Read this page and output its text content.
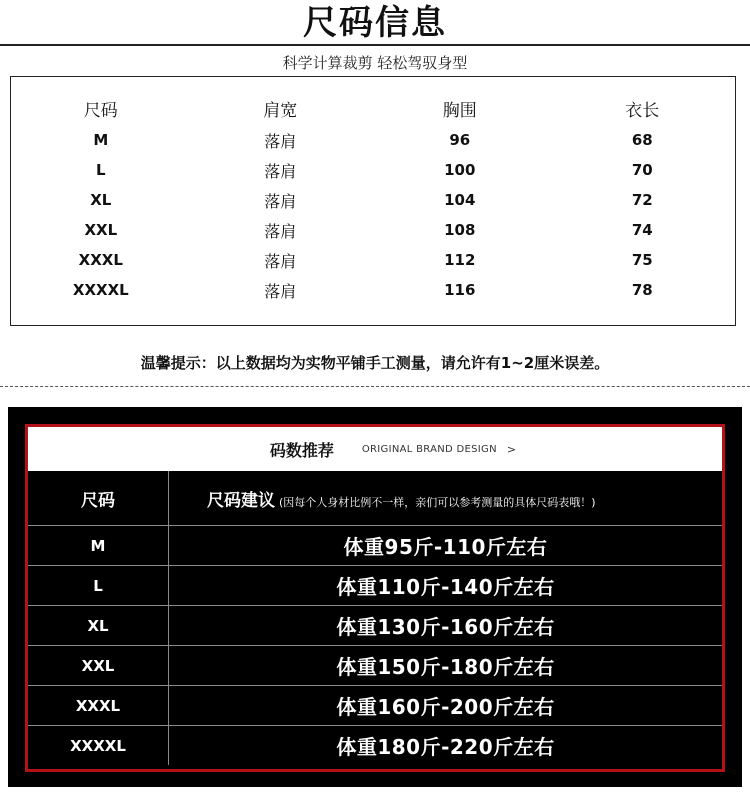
尺码信息
科学计算裁剪 轻松驾驭身型
尺码	肩宽	胸围	衣长
M	落肩	96	68
L	落肩	100	70
XL	落肩	104	72
XXL	落肩	108	74
XXXL	落肩	112	75
XXXXL	落肩	116	78
温馨提示：以上数据均为实物平铺手工测量，请允许有1~2厘米误差。
码数推荐	ORIGINAL BRAND DESIGN >
尺码	尺码建议 (因每个人身材比例不一样，亲们可以参考测量的具体尺码表哦！)
M	体重95斤-110斤左右
L	体重110斤-140斤左右
XL	体重130斤-160斤左右
XXL	体重150斤-180斤左右
XXXL	体重160斤-200斤左右
XXXXL	体重180斤-220斤左右
